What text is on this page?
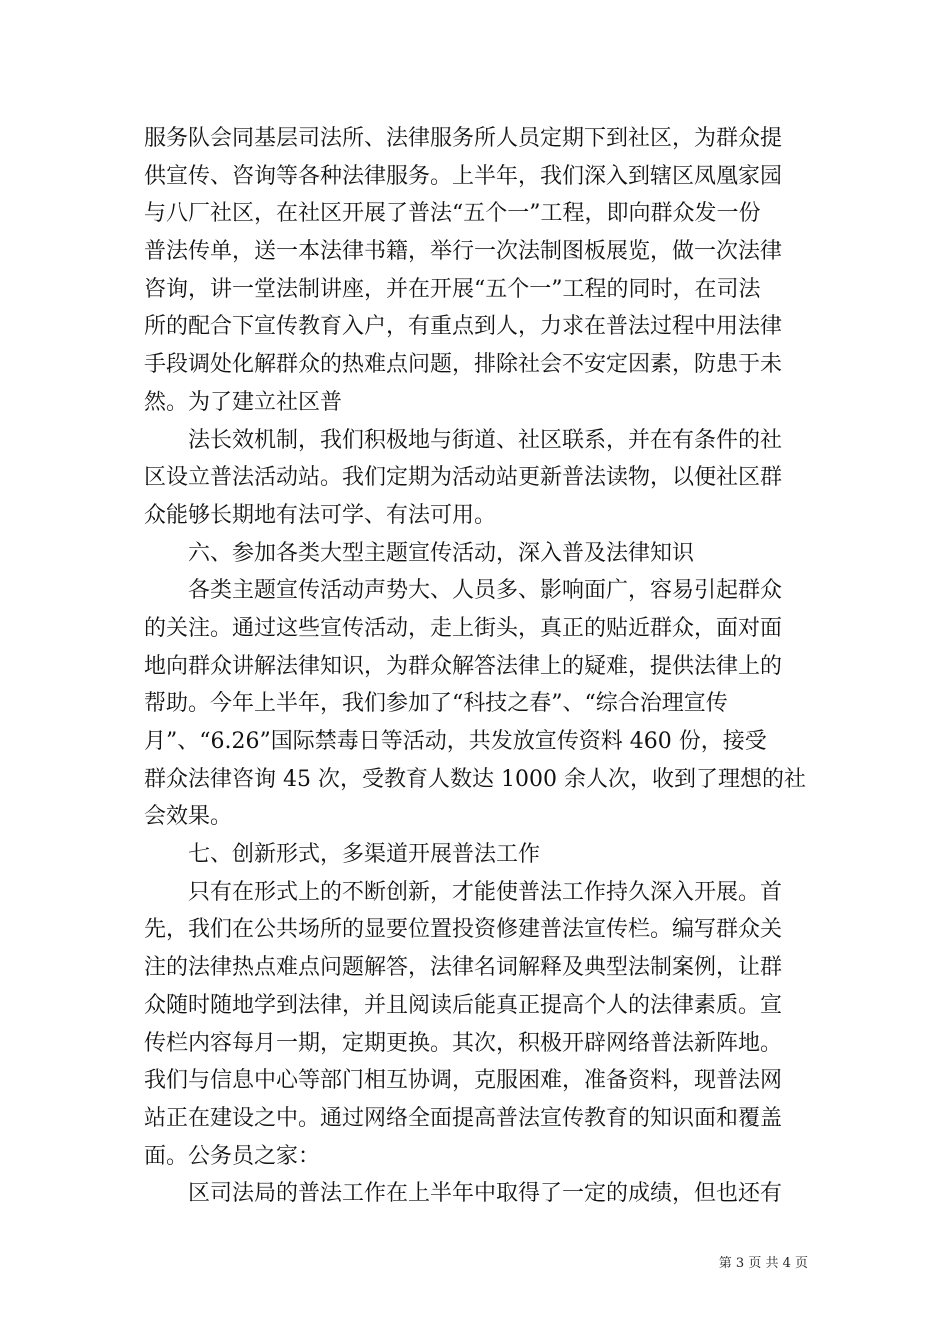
服务队会同基层司法所、法律服务所人员定期下到社区，为群众提
供宣传、咨询等各种法律服务。上半年，我们深入到辖区凤凰家园
与八厂社区，在社区开展了普法“五个一”工程，即向群众发一份
普法传单，送一本法律书籍，举行一次法制图板展览，做一次法律
咨询，讲一堂法制讲座，并在开展“五个一”工程的同时，在司法
所的配合下宣传教育入户，有重点到人，力求在普法过程中用法律
手段调处化解群众的热难点问题，排除社会不安定因素，防患于未
然。为了建立社区普
法长效机制，我们积极地与街道、社区联系，并在有条件的社
区设立普法活动站。我们定期为活动站更新普法读物，以便社区群
众能够长期地有法可学、有法可用。
六、参加各类大型主题宣传活动，深入普及法律知识
各类主题宣传活动声势大、人员多、影响面广，容易引起群众
的关注。通过这些宣传活动，走上街头，真正的贴近群众，面对面
地向群众讲解法律知识，为群众解答法律上的疑难，提供法律上的
帮助。今年上半年，我们参加了“科技之春”、“综合治理宣传
月”、“6.26”国际禁毒日等活动，共发放宣传资料 460 份，接受
群众法律咨询 45 次，受教育人数达 1000 余人次，收到了理想的社
会效果。
七、创新形式，多渠道开展普法工作
只有在形式上的不断创新，才能使普法工作持久深入开展。首
先，我们在公共场所的显要位置投资修建普法宣传栏。编写群众关
注的法律热点难点问题解答，法律名词解释及典型法制案例，让群
众随时随地学到法律，并且阅读后能真正提高个人的法律素质。宣
传栏内容每月一期，定期更换。其次，积极开辟网络普法新阵地。
我们与信息中心等部门相互协调，克服困难，准备资料，现普法网
站正在建设之中。通过网络全面提高普法宣传教育的知识面和覆盖
面。公务员之家：
区司法局的普法工作在上半年中取得了一定的成绩，但也还有
第 3 页 共 4 页
